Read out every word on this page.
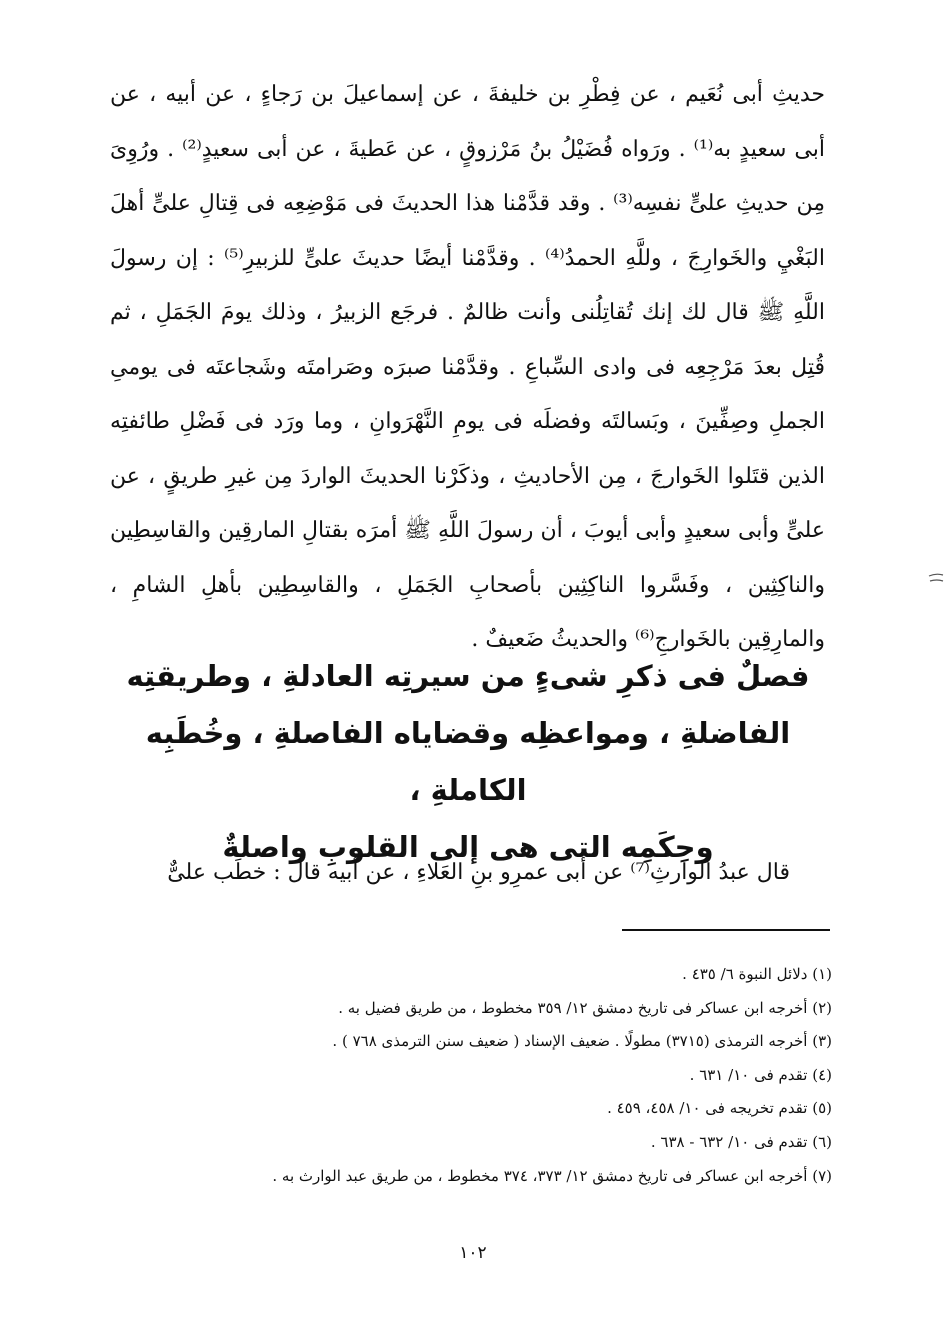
حديثِ أبى نُعَيم ، عن فِطْرِ بن خليفةَ ، عن إسماعيلَ بن رَجاءٍ ، عن أبيه ، عن أبى سعيدٍ به⁽¹⁾ . ورَواه فُضَيْلُ بنُ مَرْزوقٍ ، عن عَطيةَ ، عن أبى سعيدٍ⁽²⁾ . ورُوِىَ مِن حديثِ علىٍّ نفسِه⁽³⁾ . وقد قدَّمْنا هذا الحديثَ فى مَوْضِعِه فى قِتالِ علىٍّ أهلَ البَغْيِ والخَوارِجَ ، وللَّهِ الحمدُ⁽⁴⁾ . وقدَّمْنا أيضًا حديثَ علىٍّ للزبيرِ⁽⁵⁾ : إن رسولَ اللَّهِ ﷺ قال لك إنك تُقاتِلُنى وأنت ظالمٌ . فرجَع الزبيرُ ، وذلك يومَ الجَمَلِ ، ثم قُتِل بعدَ مَرْجِعِه فى وادى السِّباعِ . وقدَّمْنا صبرَه وصَرامتَه وشَجاعتَه فى يومىِ الجملِ وصِفِّينَ ، وبَسالتَه وفضلَه فى يومِ النَّهْرَوانِ ، وما ورَد فى فَضْلِ طائفتِه الذين قتَلوا الخَوارجَ ، مِن الأحاديثِ ، وذكَرْنا الحديثَ الواردَ مِن غيرِ طريقٍ ، عن علىٍّ وأبى سعيدٍ وأبى أيوبَ ، أن رسولَ اللَّهِ ﷺ أمرَه بقتالِ المارقِين والقاسِطِين والناكِثِين ، وفَسَّروا الناكِثِين بأصحابِ الجَمَلِ ، والقاسِطِين بأهلِ الشامِ ، والمارِقِين بالخَوارجِ⁽⁶⁾ والحديثُ ضَعيفٌ .

فصلٌ فى ذكرِ شىءٍ من سيرتِه العادلةِ ، وطريقتِه
الفاضلةِ ، ومواعظِه وقضاياه الفاصلةِ ، وخُطَبِه الكاملةِ ،
وحِكَمِه التى هى إلى القلوبِ واصلةٌ
قال عبدُ الوارثِ⁽⁷⁾ عن أبى عمرِو بنِ العَلاءِ ، عن أبيه قال : خطَب علىٌّ
(١) دلائل النبوة ٦/ ٤٣٥ .
(٢) أخرجه ابن عساكر فى تاريخ دمشق ١٢/ ٣٥٩ مخطوط ، من طريق فضيل به .
(٣) أخرجه الترمذى (٣٧١٥) مطولًا . ضعيف الإسناد ( ضعيف سنن الترمذى ٧٦٨ ) .
(٤) تقدم فى ١٠/ ٦٣١ .
(٥) تقدم تخريجه فى ١٠/ ٤٥٨، ٤٥٩ .
(٦) تقدم فى ١٠/ ٦٣٢ - ٦٣٨ .
(٧) أخرجه ابن عساكر فى تاريخ دمشق ١٢/ ٣٧٣، ٣٧٤ مخطوط ، من طريق عبد الوارث به .
١٠٢
